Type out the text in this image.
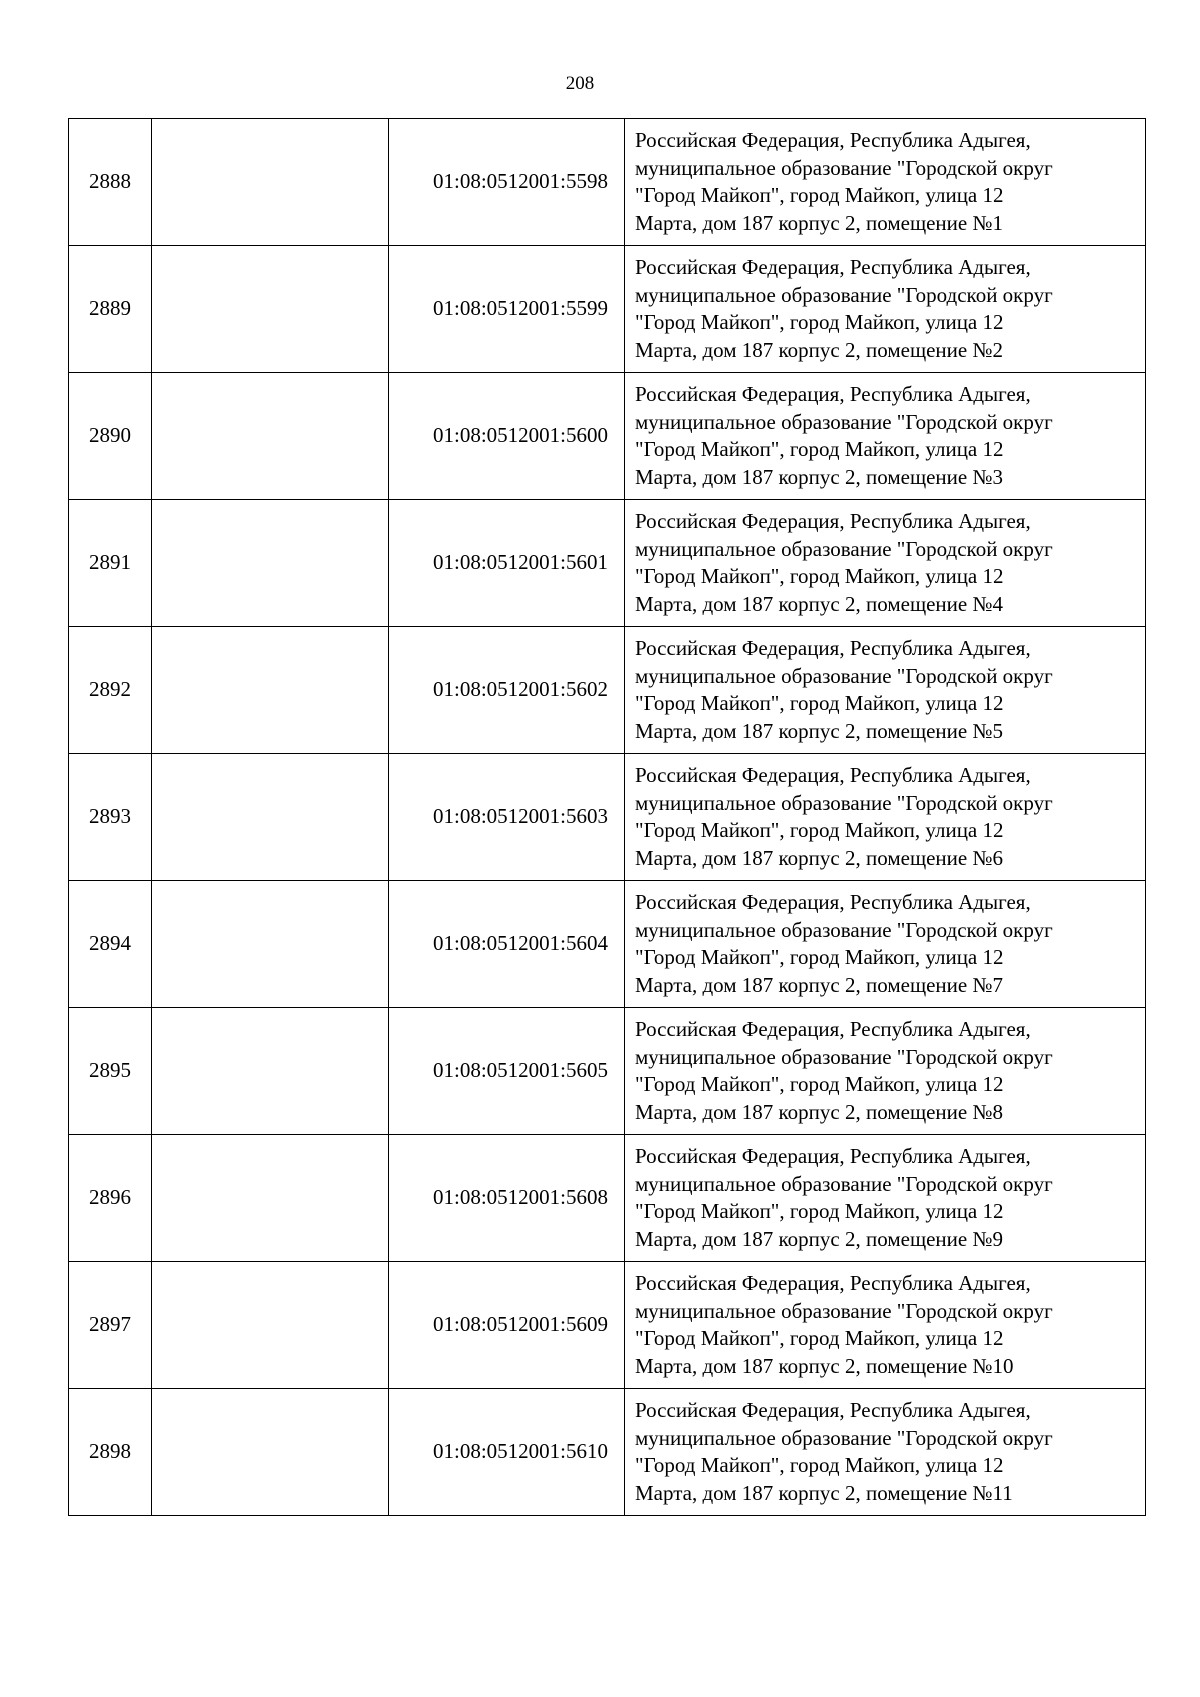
208
2888		01:08:0512001:5598	Российская Федерация, Республика Адыгея,
муниципальное образование "Городской округ
"Город Майкоп", город Майкоп, улица 12
Марта, дом 187 корпус 2, помещение №1

2889		01:08:0512001:5599	Российская Федерация, Республика Адыгея,
муниципальное образование "Городской округ
"Город Майкоп", город Майкоп, улица 12
Марта, дом 187 корпус 2, помещение №2

2890		01:08:0512001:5600	Российская Федерация, Республика Адыгея,
муниципальное образование "Городской округ
"Город Майкоп", город Майкоп, улица 12
Марта, дом 187 корпус 2, помещение №3

2891		01:08:0512001:5601	Российская Федерация, Республика Адыгея,
муниципальное образование "Городской округ
"Город Майкоп", город Майкоп, улица 12
Марта, дом 187 корпус 2, помещение №4

2892		01:08:0512001:5602	Российская Федерация, Республика Адыгея,
муниципальное образование "Городской округ
"Город Майкоп", город Майкоп, улица 12
Марта, дом 187 корпус 2, помещение №5

2893		01:08:0512001:5603	Российская Федерация, Республика Адыгея,
муниципальное образование "Городской округ
"Город Майкоп", город Майкоп, улица 12
Марта, дом 187 корпус 2, помещение №6

2894		01:08:0512001:5604	Российская Федерация, Республика Адыгея,
муниципальное образование "Городской округ
"Город Майкоп", город Майкоп, улица 12
Марта, дом 187 корпус 2, помещение №7

2895		01:08:0512001:5605	Российская Федерация, Республика Адыгея,
муниципальное образование "Городской округ
"Город Майкоп", город Майкоп, улица 12
Марта, дом 187 корпус 2, помещение №8

2896		01:08:0512001:5608	Российская Федерация, Республика Адыгея,
муниципальное образование "Городской округ
"Город Майкоп", город Майкоп, улица 12
Марта, дом 187 корпус 2, помещение №9

2897		01:08:0512001:5609	Российская Федерация, Республика Адыгея,
муниципальное образование "Городской округ
"Город Майкоп", город Майкоп, улица 12
Марта, дом 187 корпус 2, помещение №10

2898		01:08:0512001:5610	Российская Федерация, Республика Адыгея,
муниципальное образование "Городской округ
"Город Майкоп", город Майкоп, улица 12
Марта, дом 187 корпус 2, помещение №11
